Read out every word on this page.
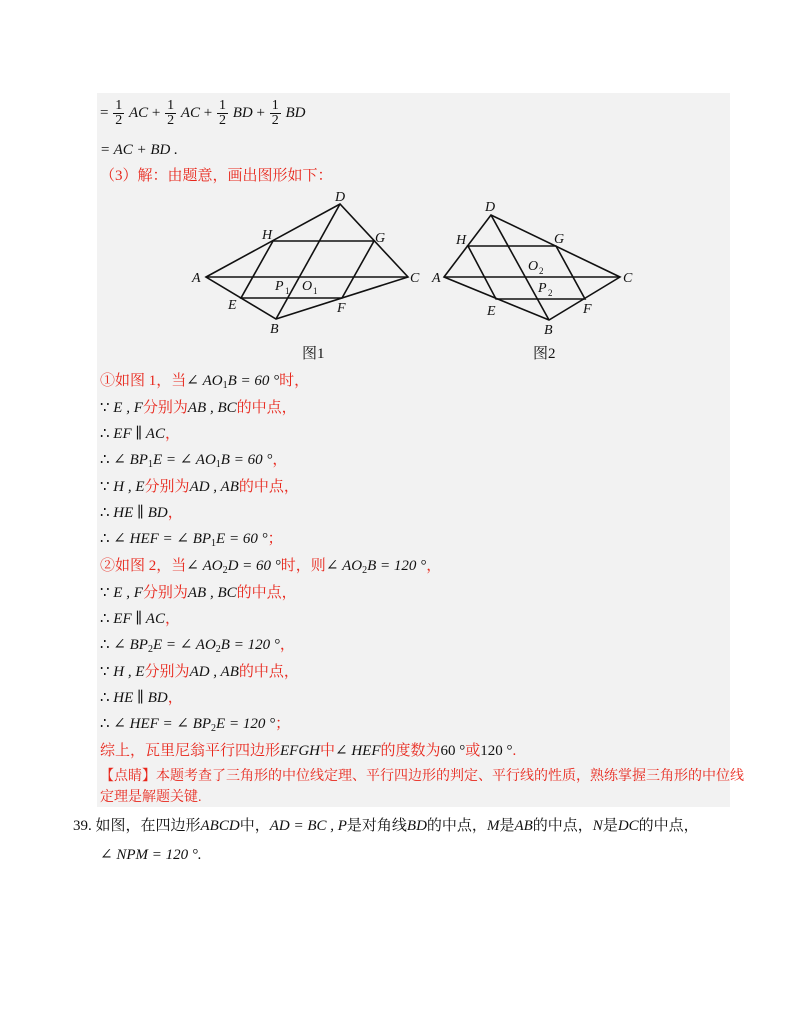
= $\frac{1}{2}$ AC + $\frac{1}{2}$ AC + $\frac{1}{2}$ BD + $\frac{1}{2}$ BD
= AC + BD .
（3）解：由题意，画出图形如下：
A
D
C
B
H	G
E	F
P 1 O 1
图1
A
D
C
B
H	G
E	F
O 2
P 2
图2
①如图 1，当∠ $AO_1B = 60$ °时，
∵ E , F分别为AB , BC的中点，
∴ EF ∥ AC，
∴ ∠ $BP_1E$ = ∠ $AO_1B = 60$ °，
∵ H , E分别为AD , AB的中点，
∴ HE ∥ BD，
∴ ∠ HEF = ∠ $BP_1E = 60$ °；
②如图 2，当∠ $AO_2D = 60$ °时，则∠ $AO_2B = 120$ °，
∵ E , F分别为AB , BC的中点，
∴ EF ∥ AC，
∴ ∠ $BP_2E$ = ∠ $AO_2B = 120$ °，
∵ H , E分别为AD , AB的中点，
∴ HE ∥ BD，
∴ ∠ HEF = ∠ $BP_2E = 120$ °；
综上，瓦里尼翁平行四边形EFGH中∠ HEF的度数为60 °或120 °.
【点睛】本题考查了三角形的中位线定理、平行四边形的判定、平行线的性质，熟练掌握三角形的中位线
定理是解题关键.
39. 如图，在四边形ABCD中，AD = BC , P是对角线BD的中点，M是AB的中点，N是DC的中点，
∠ NPM = 120 °.
